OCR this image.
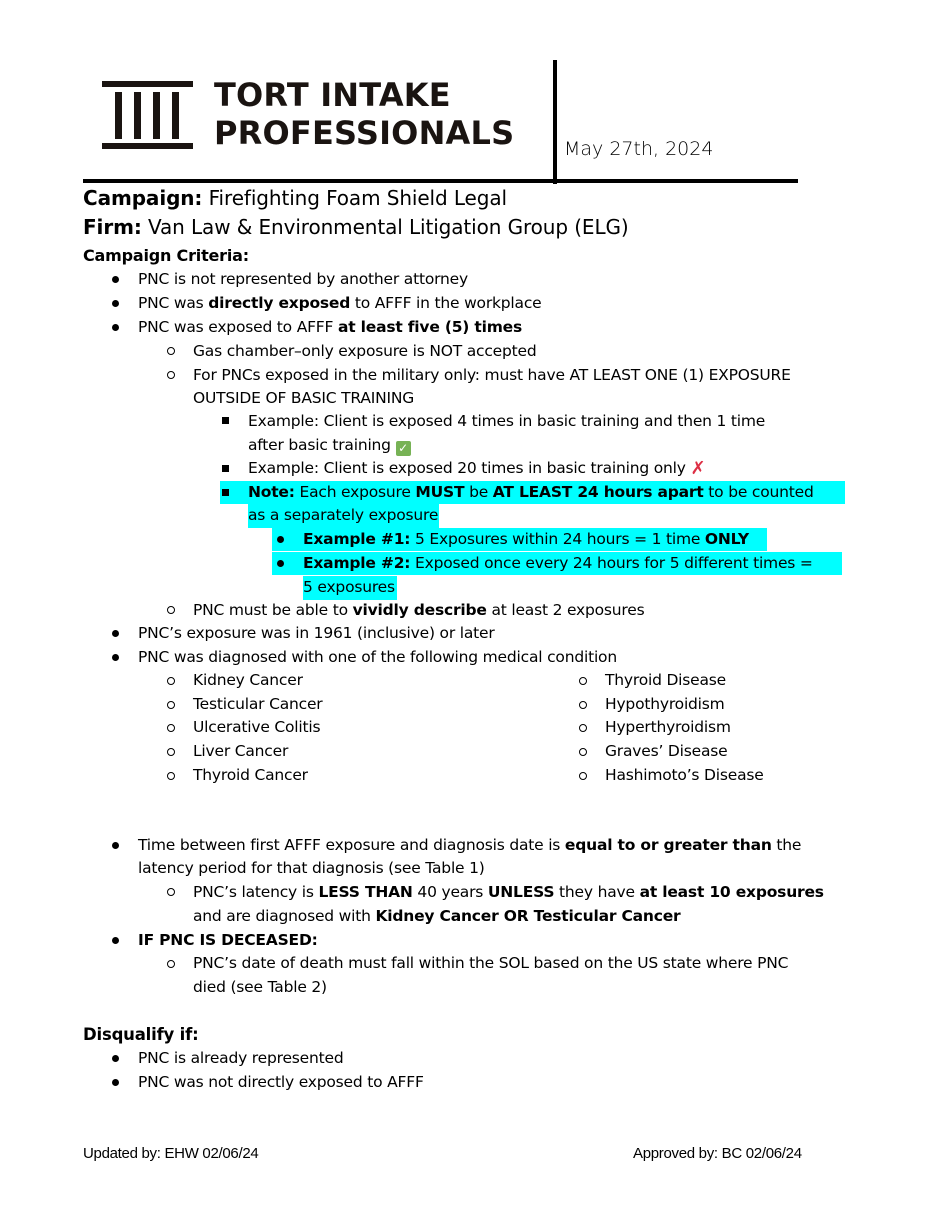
TORT INTAKE
PROFESSIONALS	May 27th, 2024
Campaign: Firefighting Foam Shield Legal
Firm: Van Law & Environmental Litigation Group (ELG)
Campaign Criteria:
PNC is not represented by another attorney
PNC was directly exposed to AFFF in the workplace
PNC was exposed to AFFF at least five (5) times
Gas chamber–only exposure is NOT accepted
For PNCs exposed in the military only: must have AT LEAST ONE (1) EXPOSURE
OUTSIDE OF BASIC TRAINING
Example: Client is exposed 4 times in basic training and then 1 time
after basic training ✓
Example: Client is exposed 20 times in basic training only ✗
Note: Each exposure MUST be AT LEAST 24 hours apart to be counted
as a separately exposure
Example #1: 5 Exposures within 24 hours = 1 time ONLY
Example #2: Exposed once every 24 hours for 5 different times =
5 exposures
PNC must be able to vividly describe at least 2 exposures
PNC’s exposure was in 1961 (inclusive) or later
PNC was diagnosed with one of the following medical condition
Kidney Cancer
Testicular Cancer
Ulcerative Colitis
Liver Cancer
Thyroid Cancer
Thyroid Disease
Hypothyroidism
Hyperthyroidism
Graves’ Disease
Hashimoto’s Disease
Time between first AFFF exposure and diagnosis date is equal to or greater than the
latency period for that diagnosis (see Table 1)
PNC’s latency is LESS THAN 40 years UNLESS they have at least 10 exposures
and are diagnosed with Kidney Cancer OR Testicular Cancer
IF PNC IS DECEASED:
PNC’s date of death must fall within the SOL based on the US state where PNC
died (see Table 2)
Disqualify if:
PNC is already represented
PNC was not directly exposed to AFFF
Updated by: EHW 02/06/24	Approved by: BC 02/06/24
